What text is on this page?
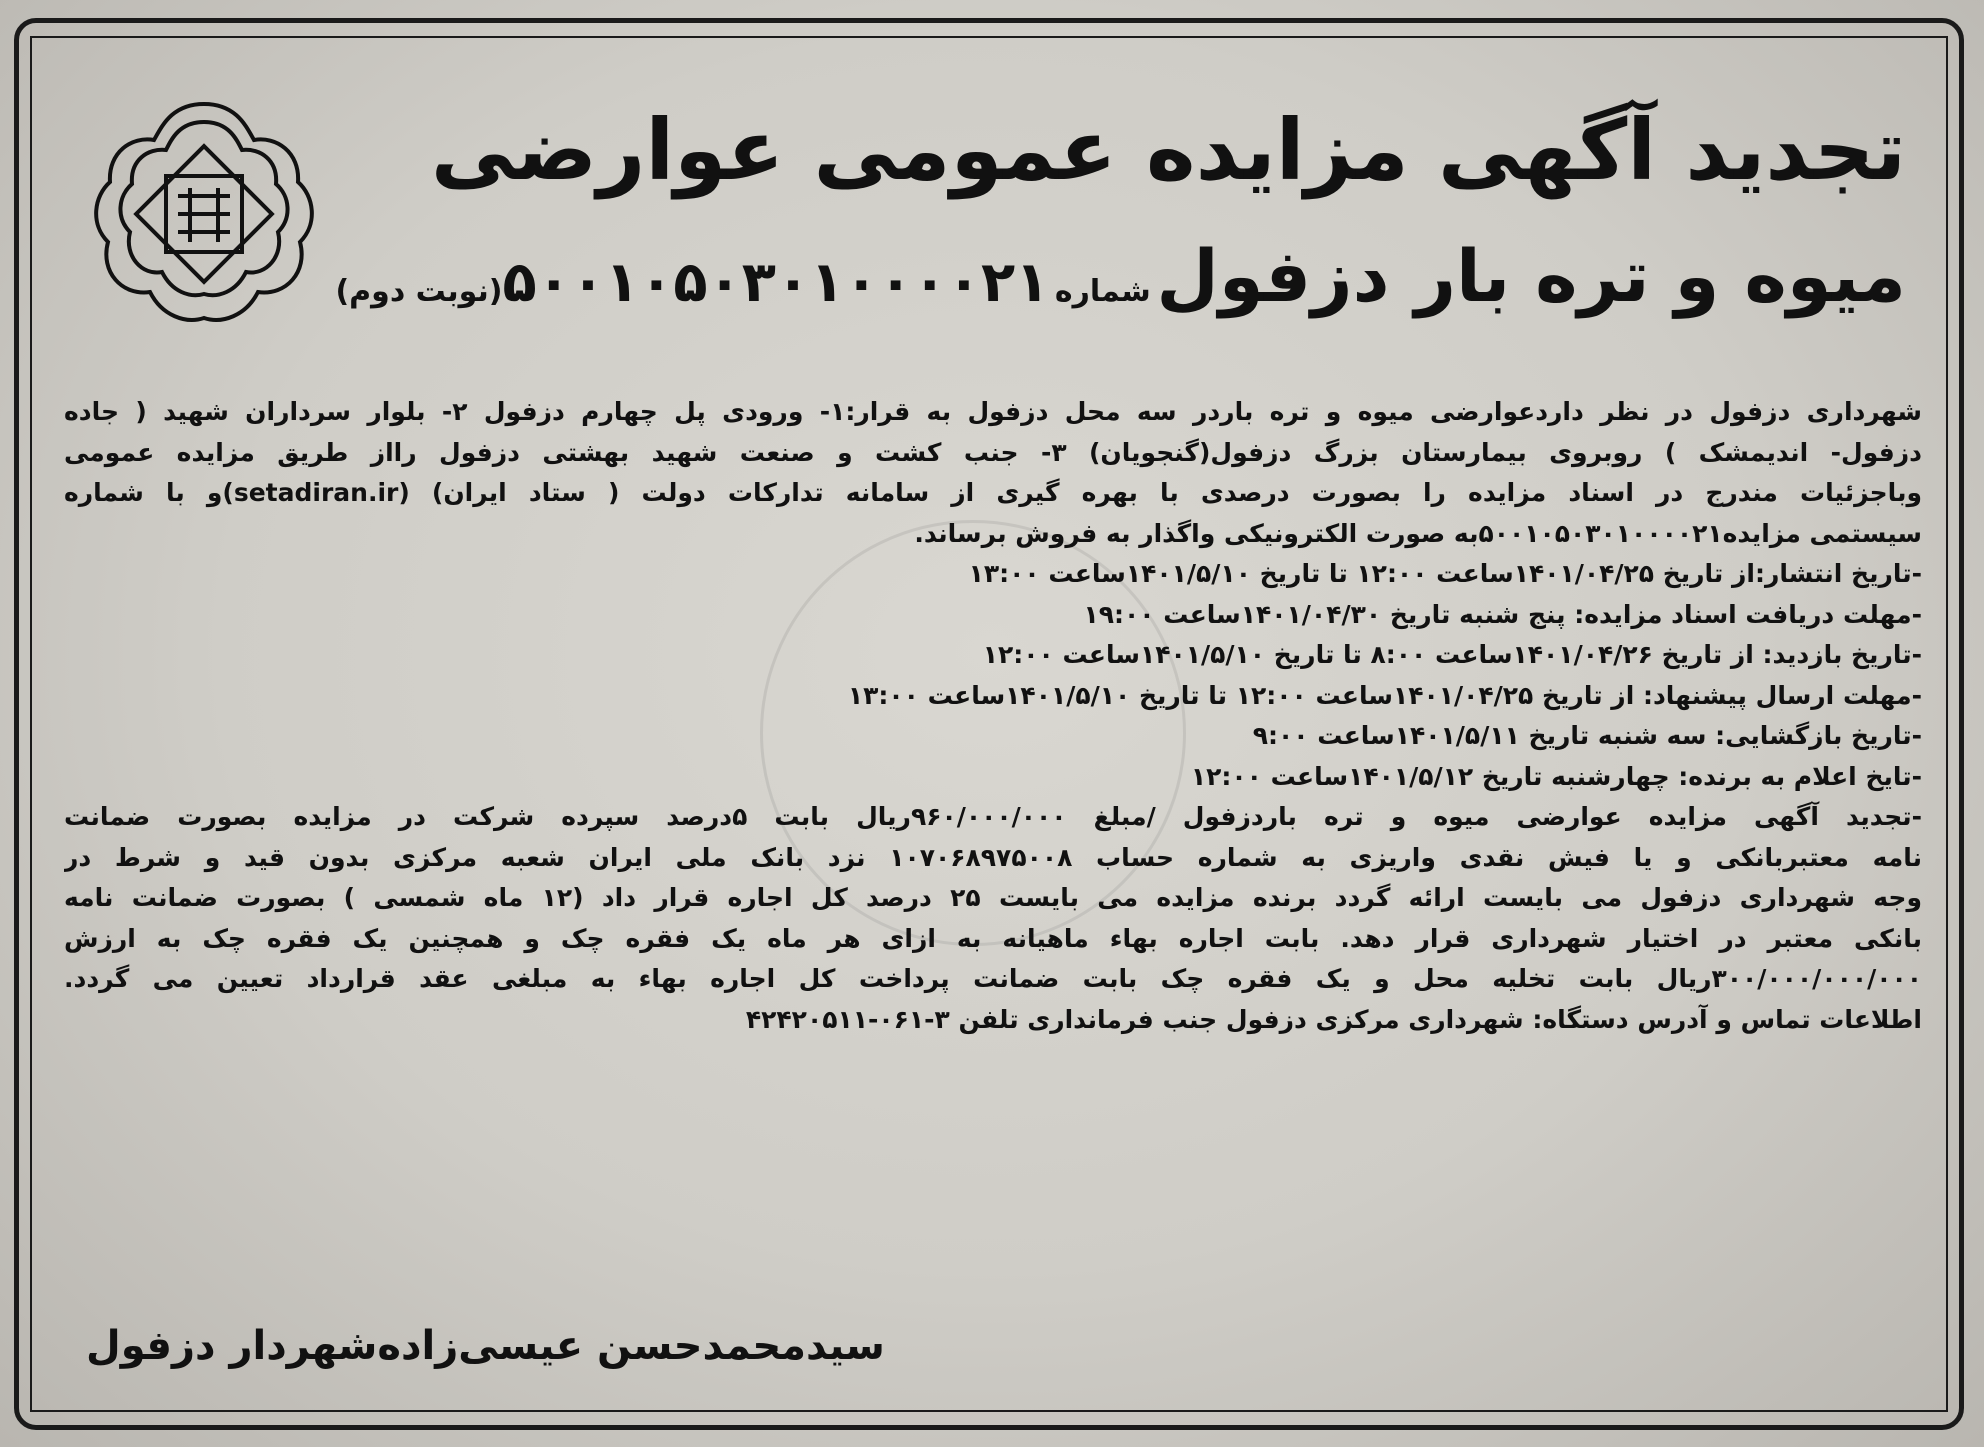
تجدید آگهی مزایده عمومی عوارضی
میوه و تره بار دزفول شماره ۵۰۰۱۰۵۰۳۰۱۰۰۰۰۲۱(نوبت دوم)
شهرداری دزفول در نظر داردعوارضی میوه و تره باردر سه محل دزفول به قرار:۱- ورودی پل چهارم دزفول ۲- بلوار سرداران شهید ( جاده
دزفول- اندیمشک ) روبروی بیمارستان بزرگ دزفول(گنجویان) ۳- جنب کشت و صنعت شهید بهشتی دزفول رااز طریق مزایده عمومی
وباجزئیات مندرج در اسناد مزایده را بصورت درصدی با بهره گیری از سامانه تدارکات دولت ( ستاد ایران) (setadiran.ir)و با شماره
سیستمی مزایده۵۰۰۱۰۵۰۳۰۱۰۰۰۰۲۱به صورت الکترونیکی واگذار به فروش برساند.
-تاریخ انتشار:از تاریخ ۱۴۰۱/۰۴/۲۵ساعت ۱۲:۰۰ تا تاریخ ۱۴۰۱/۵/۱۰ساعت ۱۳:۰۰
-مهلت دریافت اسناد مزایده: پنج شنبه تاریخ ۱۴۰۱/۰۴/۳۰ساعت ۱۹:۰۰
-تاریخ بازدید: از تاریخ ۱۴۰۱/۰۴/۲۶ساعت ۸:۰۰ تا تاریخ ۱۴۰۱/۵/۱۰ساعت ۱۲:۰۰
-مهلت ارسال پیشنهاد: از تاریخ ۱۴۰۱/۰۴/۲۵ساعت ۱۲:۰۰ تا تاریخ ۱۴۰۱/۵/۱۰ساعت ۱۳:۰۰
-تاریخ بازگشایی: سه شنبه تاریخ ۱۴۰۱/۵/۱۱ساعت ۹:۰۰
-تایخ اعلام به برنده: چهارشنبه تاریخ ۱۴۰۱/۵/۱۲ساعت ۱۲:۰۰
-تجدید آگهی مزایده عوارضی میوه و تره باردزفول /مبلغ ۹۶۰/۰۰۰/۰۰۰ریال بابت ۵درصد سپرده شرکت در مزایده بصورت ضمانت
نامه معتبربانکی و یا فیش نقدی واریزی به شماره حساب ۱۰۷۰۶۸۹۷۵۰۰۸ نزد بانک ملی ایران شعبه مرکزی بدون قید و شرط در
وجه شهرداری دزفول می بایست ارائه گردد برنده مزایده می بایست ۲۵ درصد کل اجاره قرار داد (۱۲ ماه شمسی ) بصورت ضمانت نامه
بانکی معتبر در اختیار شهرداری قرار دهد. بابت اجاره بهاء ماهیانه به ازای هر ماه یک فقره چک و همچنین یک فقره چک به ارزش
۳۰۰/۰۰۰/۰۰۰/۰۰۰ریال بابت تخلیه محل و یک فقره چک بابت ضمانت پرداخت کل اجاره بهاء به مبلغی عقد قرارداد تعیین می گردد.
اطلاعات تماس و آدرس دستگاه: شهرداری مرکزی دزفول جنب فرمانداری تلفن ۳-۰۶۱-۴۲۴۲۰۵۱۱
سیدمحمدحسن عیسی‌زاده‌شهردار دزفول
